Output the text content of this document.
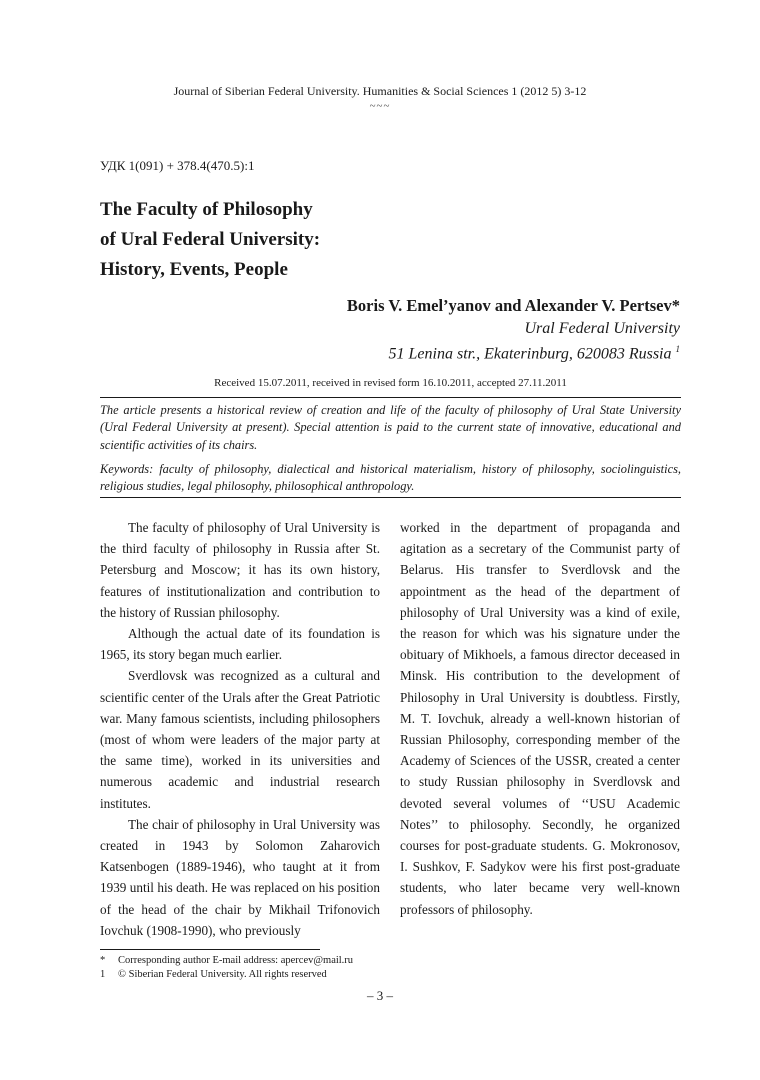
Journal of Siberian Federal University. Humanities & Social Sciences 1 (2012 5) 3-12
~~~
УДК 1(091) + 378.4(470.5):1
The Faculty of Philosophy
of Ural Federal University:
History, Events, People
Boris V. Emel’yanov and Alexander V. Pertsev*
Ural Federal University
51 Lenina str., Ekaterinburg, 620083 Russia $^1$
Received 15.07.2011, received in revised form 16.10.2011, accepted 27.11.2011

The article presents a historical review of creation and life of the faculty of philosophy of Ural State University (Ural Federal University at present). Special attention is paid to the current state of innovative, educational and scientific activities of its chairs.

Keywords: faculty of philosophy, dialectical and historical materialism, history of philosophy, sociolinguistics, religious studies, legal philosophy, philosophical anthropology.

The faculty of philosophy of Ural University is the third faculty of philosophy in Russia after St. Petersburg and Moscow; it has its own history, features of institutionalization and contribution to the history of Russian philosophy.

Although the actual date of its foundation is 1965, its story began much earlier.

Sverdlovsk was recognized as a cultural and scientific center of the Urals after the Great Patriotic war. Many famous scientists, including philosophers (most of whom were leaders of the major party at the same time), worked in its universities and numerous academic and industrial research institutes.

The chair of philosophy in Ural University was created in 1943 by Solomon Zaharovich Katsenbogen (1889-1946), who taught at it from 1939 until his death. He was replaced on his position of the head of the chair by Mikhail Trifonovich Iovchuk (1908-1990), who previously

worked in the department of propaganda and agitation as a secretary of the Communist party of Belarus. His transfer to Sverdlovsk and the appointment as the head of the department of philosophy of Ural University was a kind of exile, the reason for which was his signature under the obituary of Mikhoels, a famous director deceased in Minsk. His contribution to the development of Philosophy in Ural University is doubtless. Firstly, M. T. Iovchuk, already a well-known historian of Russian Philosophy, corresponding member of the Academy of Sciences of the USSR, created a center to study Russian philosophy in Sverdlovsk and devoted several volumes of ‘‘USU Academic Notes’’ to philosophy. Secondly, he organized courses for post-graduate students. G. Mokronosov, I. Sushkov, F. Sadykov were his first post-graduate students, who later became very well-known professors of philosophy.

* Corresponding author E-mail address: apercev@mail.ru
1 © Siberian Federal University. All rights reserved
– 3 –
